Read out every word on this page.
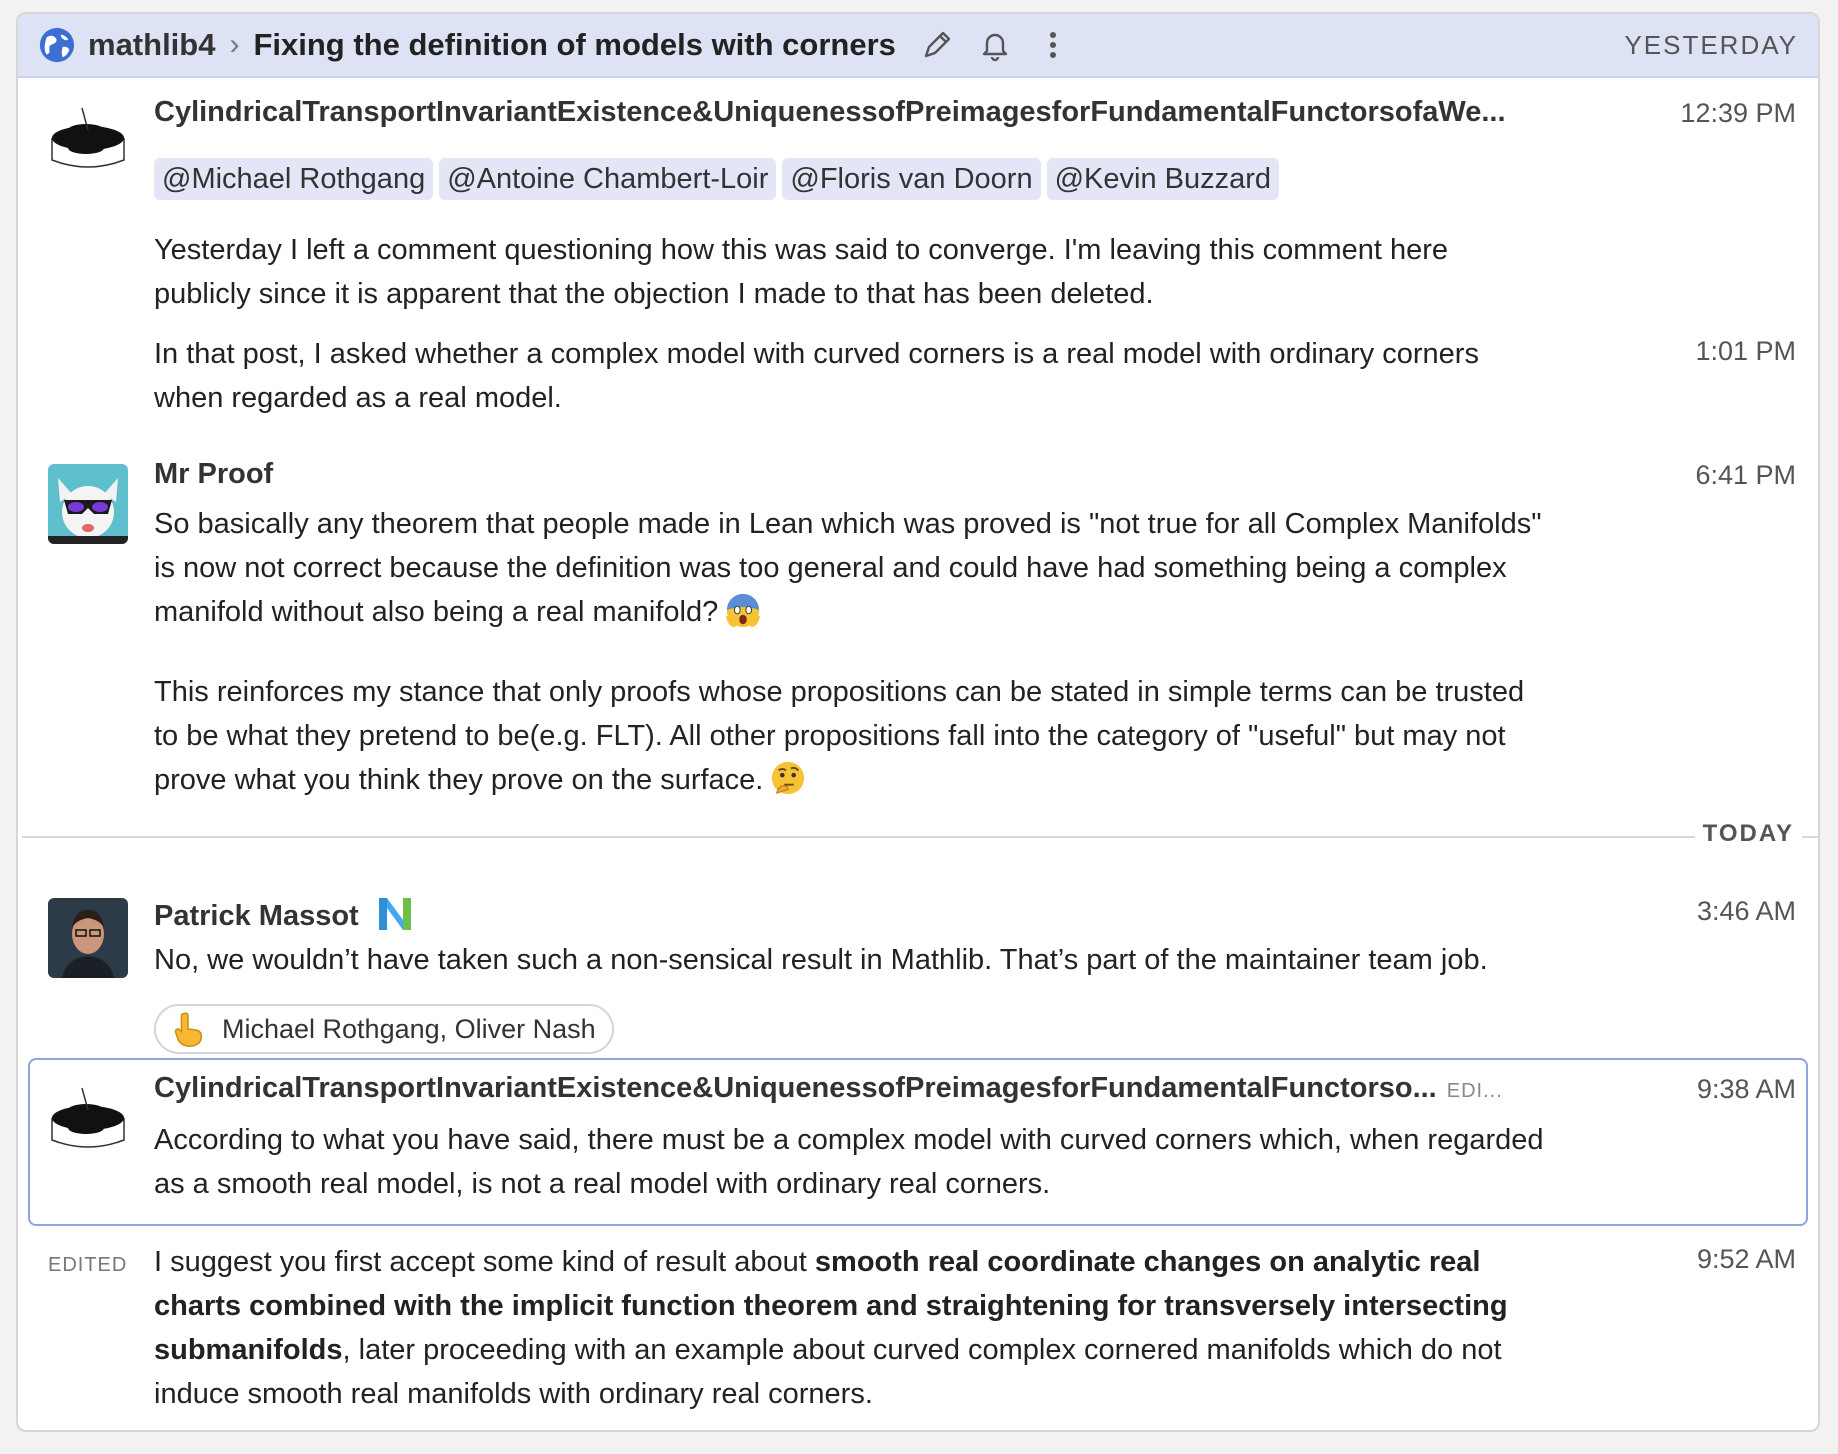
mathlib4 › Fixing the definition of models with corners	YESTERDAY
CylindricalTransportInvariantExistence&UniquenessofPreimagesforFundamentalFunctorsofaWe...	12:39 PM
@Michael Rothgang @Antoine Chambert-Loir @Floris van Doorn @Kevin Buzzard

Yesterday I left a comment questioning how this was said to converge. I'm leaving this comment here publicly since it is apparent that the objection I made to that has been deleted.

1:01 PM

In that post, I asked whether a complex model with curved corners is a real model with ordinary corners when regarded as a real model.

Mr Proof	6:41 PM

So basically any theorem that people made in Lean which was proved is "not true for all Complex Manifolds" is now not correct because the definition was too general and could have had something being a complex manifold without also being a real manifold?

This reinforces my stance that only proofs whose propositions can be stated in simple terms can be trusted to be what they pretend to be(e.g. FLT). All other propositions fall into the category of "useful" but may not prove what you think they prove on the surface.

TODAY
Patrick Massot	3:46 AM

No, we wouldn’t have taken such a non-sensical result in Mathlib. That’s part of the maintainer team job.

Michael Rothgang, Oliver Nash
CylindricalTransportInvariantExistence&UniquenessofPreimagesforFundamentalFunctorso... EDI...	9:38 AM

According to what you have said, there must be a complex model with curved corners which, when regarded as a smooth real model, is not a real model with ordinary real corners.

EDITED	9:52 AM

I suggest you first accept some kind of result about smooth real coordinate changes on analytic real charts combined with the implicit function theorem and straightening for transversely intersecting submanifolds, later proceeding with an example about curved complex cornered manifolds which do not induce smooth real manifolds with ordinary real corners.
